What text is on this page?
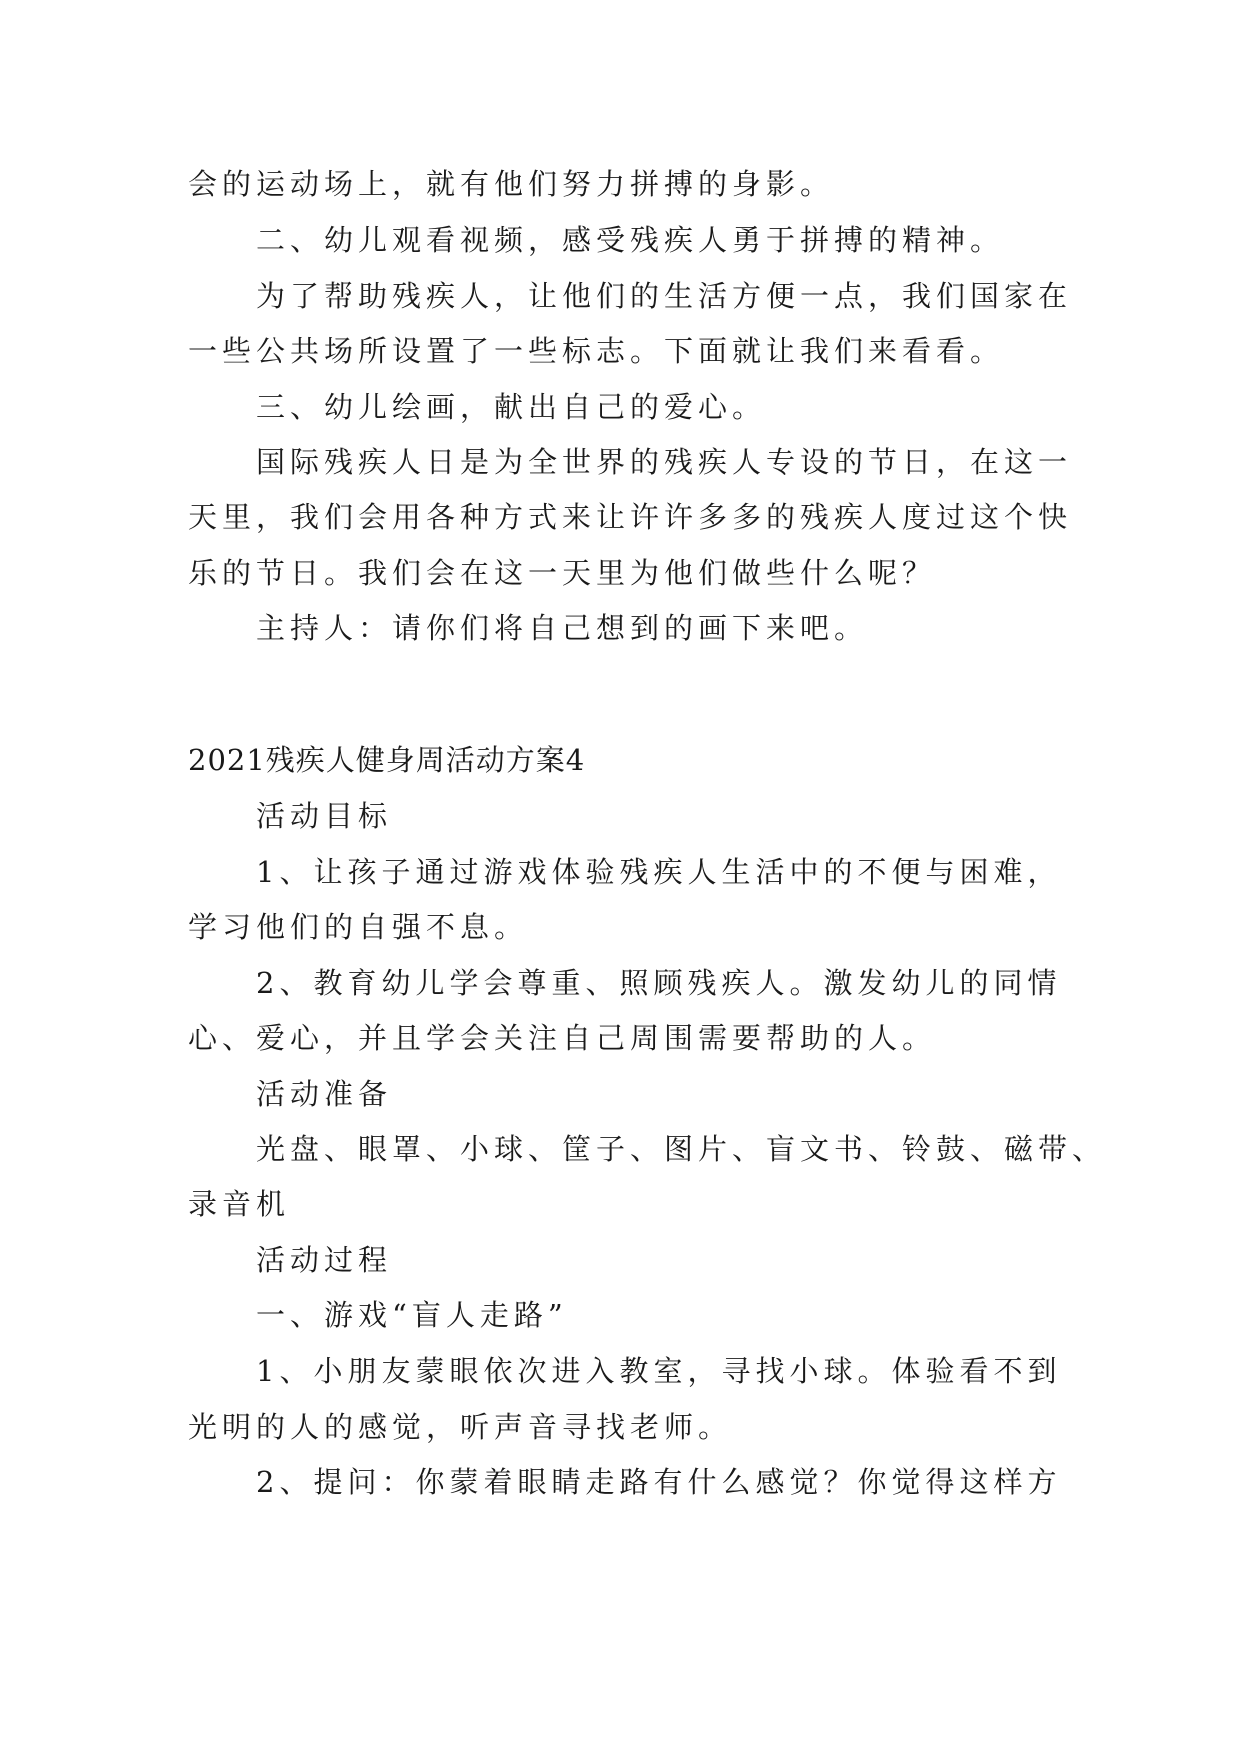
会的运动场上，就有他们努力拼搏的身影。
二、幼儿观看视频，感受残疾人勇于拼搏的精神。
为了帮助残疾人，让他们的生活方便一点，我们国家在
一些公共场所设置了一些标志。下面就让我们来看看。
三、幼儿绘画，献出自己的爱心。
国际残疾人日是为全世界的残疾人专设的节日，在这一
天里，我们会用各种方式来让许许多多的残疾人度过这个快
乐的节日。我们会在这一天里为他们做些什么呢？
主持人：请你们将自己想到的画下来吧。
2021残疾人健身周活动方案4
活动目标
1、让孩子通过游戏体验残疾人生活中的不便与困难，
学习他们的自强不息。
2、教育幼儿学会尊重、照顾残疾人。激发幼儿的同情
心、爱心，并且学会关注自己周围需要帮助的人。
活动准备
光盘、眼罩、小球、筐子、图片、盲文书、铃鼓、磁带、
录音机
活动过程
一、游戏“盲人走路”
1、小朋友蒙眼依次进入教室，寻找小球。体验看不到
光明的人的感觉，听声音寻找老师。
2、提问：你蒙着眼睛走路有什么感觉？你觉得这样方
